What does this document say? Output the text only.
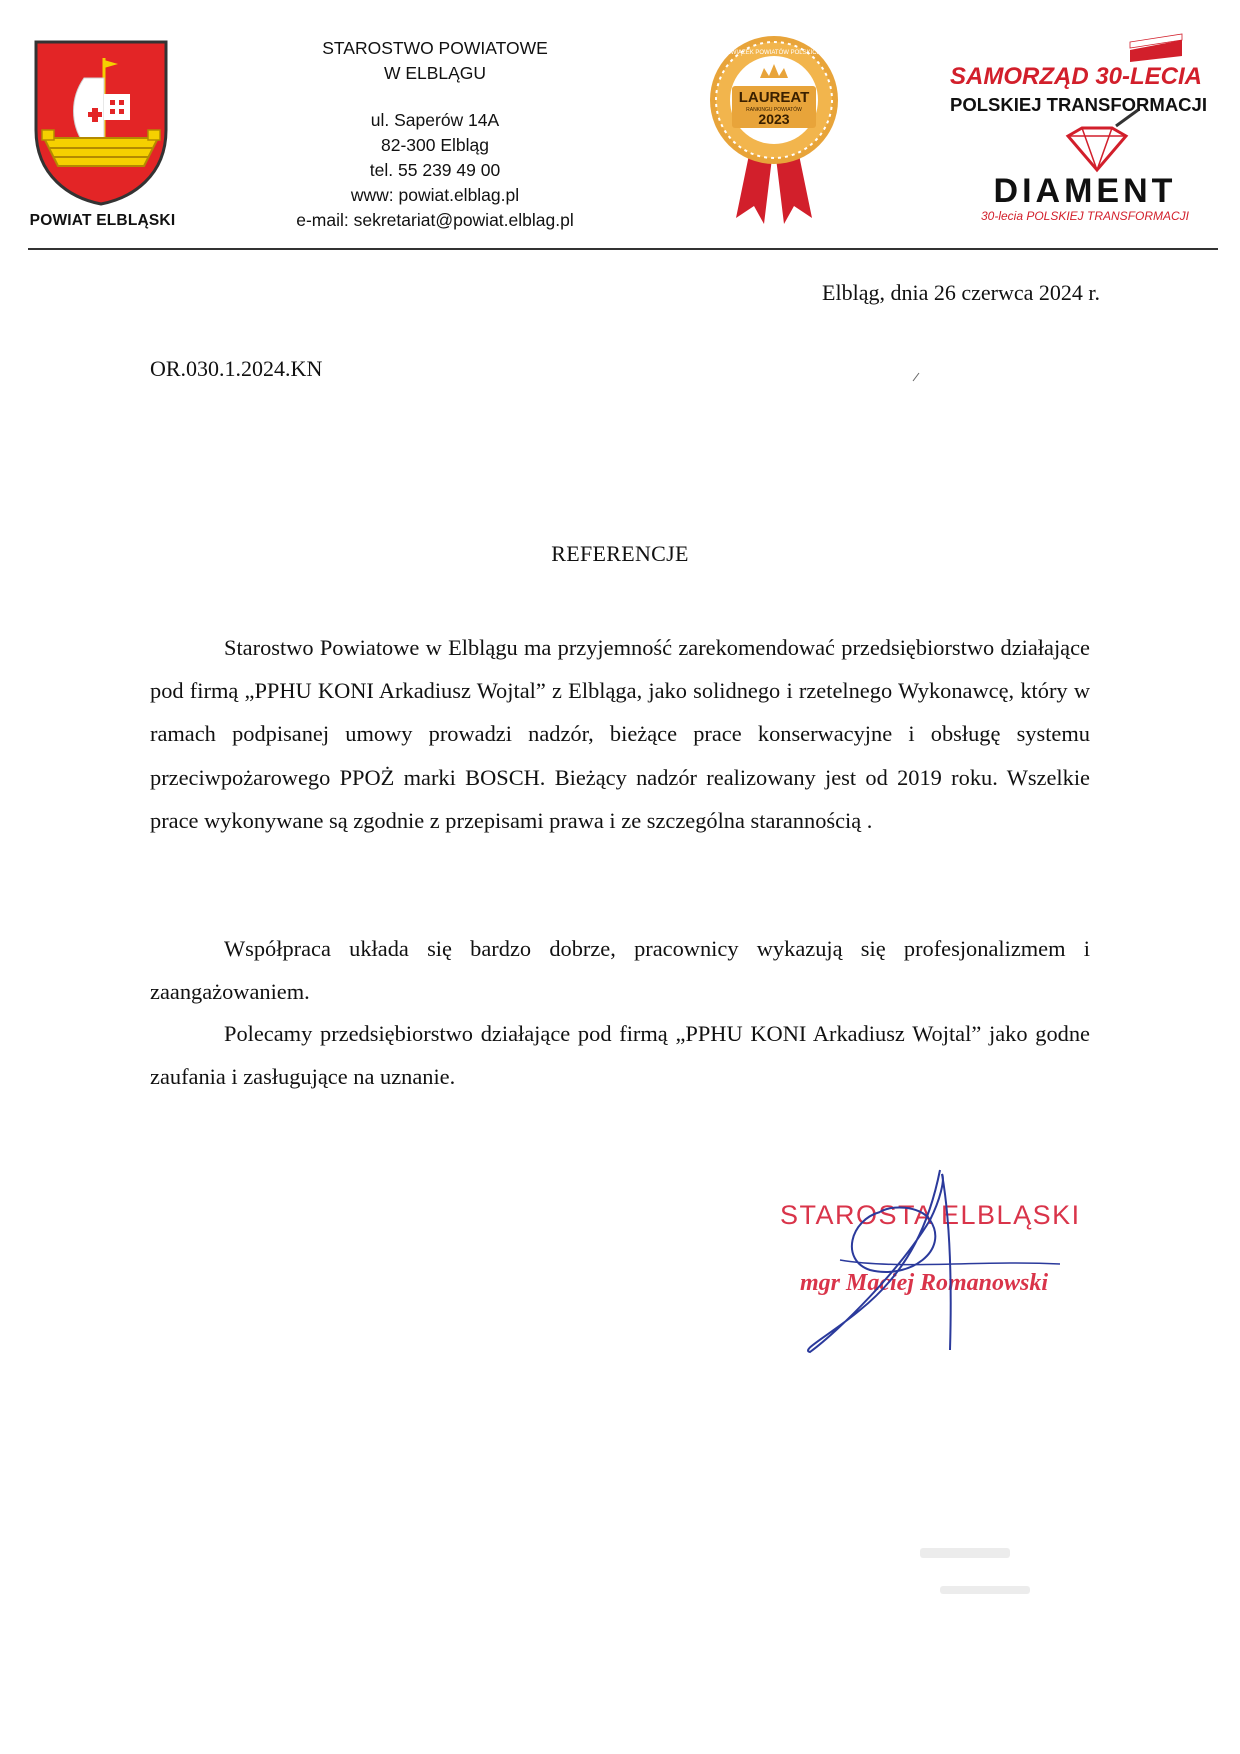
POWIAT ELBLĄSKI
STAROSTWO POWIATOWE
W ELBLĄGU
ul. Saperów 14A
82-300 Elbląg
tel. 55 239 49 00
www: powiat.elblag.pl
e-mail: sekretariat@powiat.elblag.pl
ZWIĄZEK POWIATÓW POLSKICH
LAUREAT
RANKINGU POWIATÓW
2023
SAMORZĄD 30-LECIA
POLSKIEJ TRANSFORMACJI
DIAMENT
30-lecia POLSKIEJ TRANSFORMACJI
Elbląg, dnia 26 czerwca 2024 r.
OR.030.1.2024.KN
REFERENCJE
Starostwo Powiatowe w Elblągu ma przyjemność zarekomendować przedsiębiorstwo działające pod firmą „PPHU KONI Arkadiusz Wojtal” z Elbląga, jako solidnego i rzetelnego Wykonawcę, który w ramach podpisanej umowy prowadzi nadzór, bieżące prace konserwacyjne i obsługę systemu przeciwpożarowego PPOŻ marki BOSCH. Bieżący nadzór realizowany jest od 2019 roku. Wszelkie prace wykonywane są zgodnie z przepisami prawa i ze szczególna starannością .
Współpraca układa się bardzo dobrze, pracownicy wykazują się profesjonalizmem i zaangażowaniem.
Polecamy przedsiębiorstwo działające pod firmą „PPHU KONI Arkadiusz Wojtal” jako godne zaufania i zasługujące na uznanie.
STAROSTA ELBLĄSKI
mgr Maciej Romanowski
